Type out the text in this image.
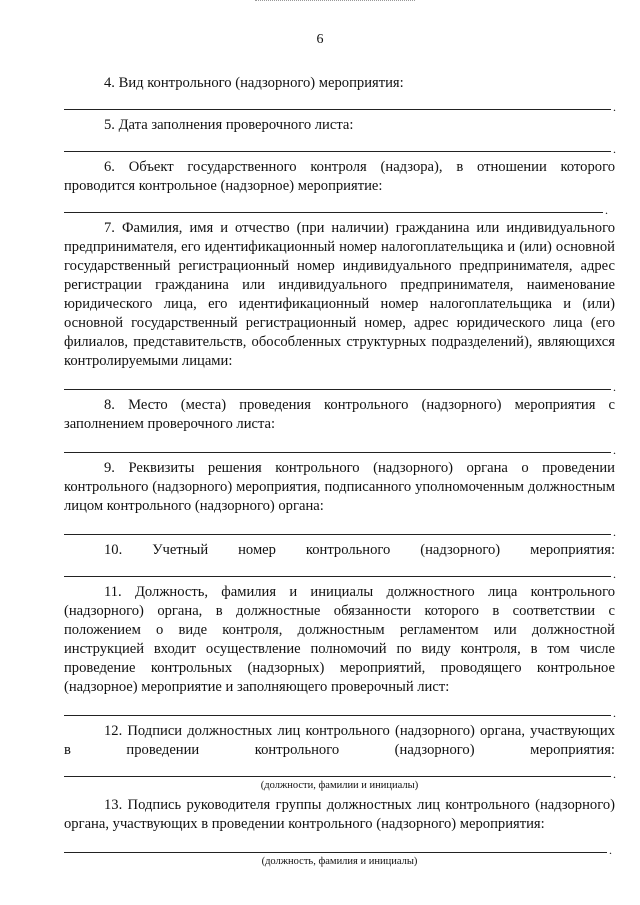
6

4. Вид контрольного (надзорного) мероприятия:

.

5. Дата заполнения проверочного листа:

.

6. Объект государственного контроля (надзора), в отношении которого проводится контрольное (надзорное) мероприятие:

.

7. Фамилия, имя и отчество (при наличии) гражданина или индивидуального предпринимателя, его идентификационный номер налогоплательщика и (или) основной государственный регистрационный номер индивидуального предпринимателя, адрес регистрации гражданина или индивидуального предпринимателя, наименование юридического лица, его идентификационный номер налогоплательщика и (или) основной государственный регистрационный номер, адрес юридического лица (его филиалов, представительств, обособленных структурных подразделений), являющихся контролируемыми лицами:

.

8. Место (места) проведения контрольного (надзорного) мероприятия с заполнением проверочного листа:

.

9. Реквизиты решения контрольного (надзорного) органа о проведении контрольного (надзорного) мероприятия, подписанного уполномоченным должностным лицом контрольного (надзорного) органа:

.

10. Учетный номер контрольного (надзорного) мероприятия:

.

11. Должность, фамилия и инициалы должностного лица контрольного (надзорного) органа, в должностные обязанности которого в соответствии с положением о виде контроля, должностным регламентом или должностной инструкцией входит осуществление полномочий по виду контроля, в том числе проведение контрольных (надзорных) мероприятий, проводящего контрольное (надзорное) мероприятие и заполняющего проверочный лист:

.

12. Подписи должностных лиц контрольного (надзорного) органа, участвующих в проведении контрольного (надзорного) мероприятия:

.
(должности, фамилии и инициалы)

13. Подпись руководителя группы должностных лиц контрольного (надзорного) органа, участвующих в проведении контрольного (надзорного) мероприятия:

.
(должность, фамилия и инициалы)
